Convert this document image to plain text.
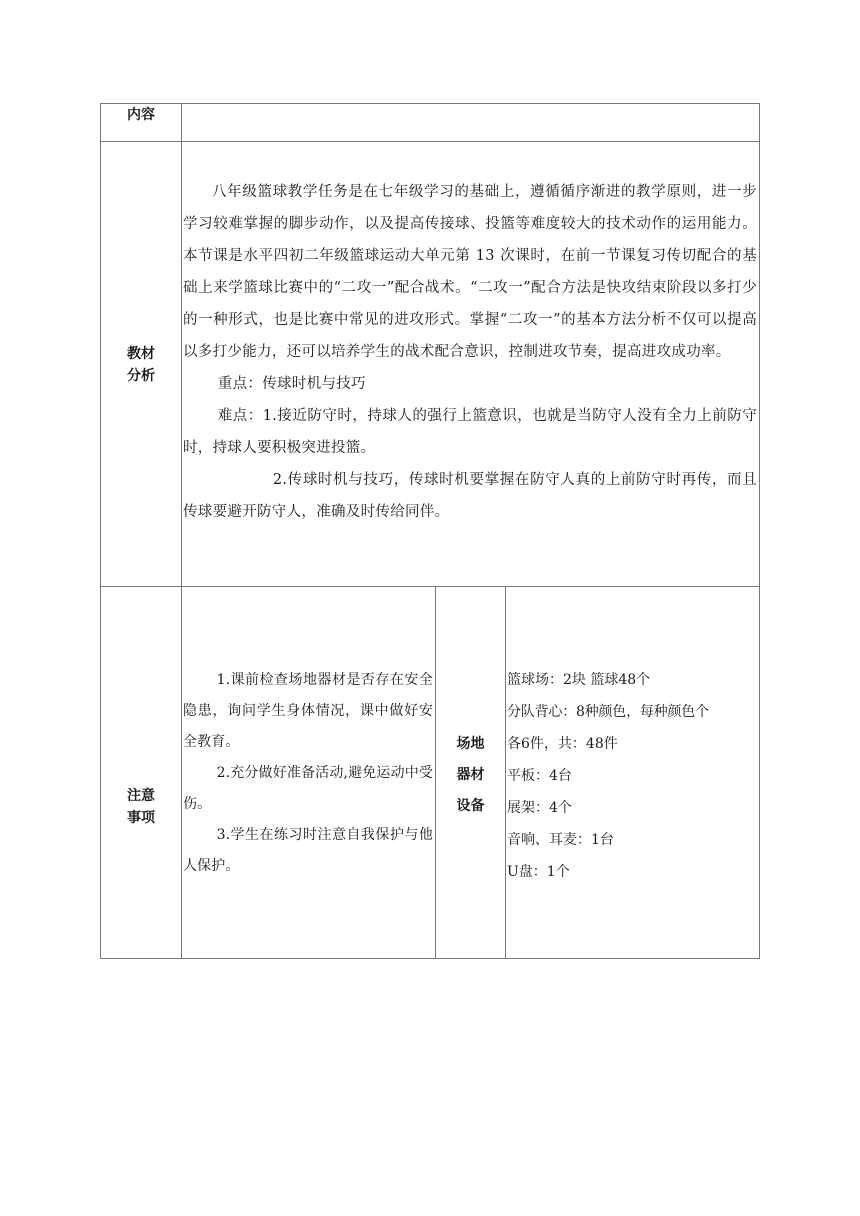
内容
教材
分析

八年级篮球教学任务是在七年级学习的基础上，遵循循序渐进的教学原则，进一步学习较难掌握的脚步动作，以及提高传接球、投篮等难度较大的技术动作的运用能力。本节课是水平四初二年级篮球运动大单元第 13 次课时，在前一节课复习传切配合的基础上来学篮球比赛中的“二攻一”配合战术。“二攻一”配合方法是快攻结束阶段以多打少的一种形式，也是比赛中常见的进攻形式。掌握“二攻一”的基本方法分析不仅可以提高以多打少能力，还可以培养学生的战术配合意识，控制进攻节奏，提高进攻成功率。

重点：传球时机与技巧

难点：1.接近防守时，持球人的强行上篮意识，也就是当防守人没有全力上前防守时，持球人要积极突进投篮。

2.传球时机与技巧，传球时机要掌握在防守人真的上前防守时再传，而且传球要避开防守人，准确及时传给同伴。

注意
事项

1.课前检查场地器材是否存在安全隐患，询问学生身体情况，课中做好安全教育。

2.充分做好准备活动,避免运动中受伤。

3.学生在练习时注意自我保护与他人保护。

场地
器材
设备

篮球场：2块 篮球48个

分队背心：8种颜色，每种颜色个

各6件，共：48件

平板：4台

展架：4个

音响、耳麦：1台

U盘：1个
